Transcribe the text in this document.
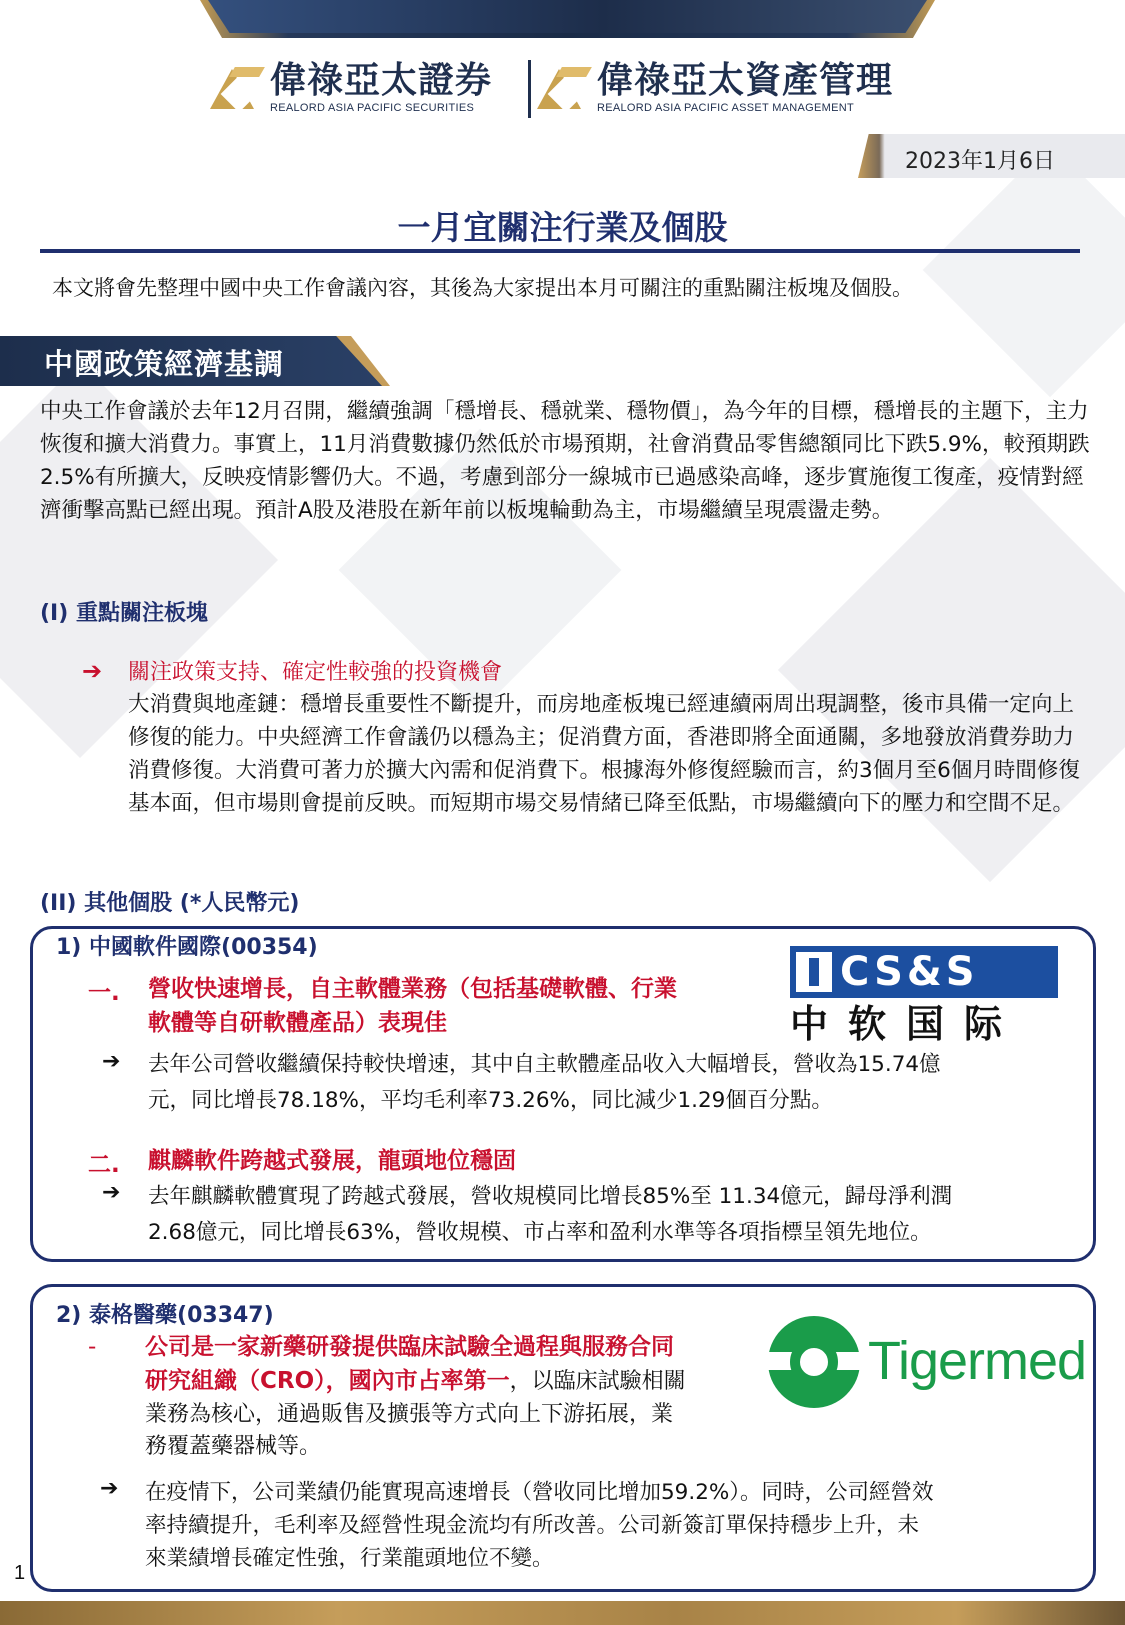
偉祿亞太證券
REALORD ASIA PACIFIC SECURITIES
偉祿亞太資產管理
REALORD ASIA PACIFIC ASSET MANAGEMENT
2023年1月6日
一月宜關注行業及個股
本文將會先整理中國中央工作會議內容，其後為大家提出本月可關注的重點關注板塊及個股。
中國政策經濟基調
中央工作會議於去年12月召開，繼續強調「穩增長、穩就業、穩物價」，為今年的目標，穩增長的主題下，主力恢復和擴大消費力。事實上，11月消費數據仍然低於市場預期，社會消費品零售總額同比下跌5.9%，較預期跌2.5%有所擴大，反映疫情影響仍大。不過，考慮到部分一線城市已過感染高峰，逐步實施復工復產，疫情對經濟衝擊高點已經出現。預計A股及港股在新年前以板塊輪動為主，市場繼續呈現震盪走勢。
(I) 重點關注板塊
➔ 關注政策支持、確定性較強的投資機會
大消費與地產鏈：穩增長重要性不斷提升，而房地產板塊已經連續兩周出現調整，後市具備一定向上修復的能力。中央經濟工作會議仍以穩為主；促消費方面，香港即將全面通關，多地發放消費券助力消費修復。大消費可著力於擴大內需和促消費下。根據海外修復經驗而言，約3個月至6個月時間修復基本面，但市場則會提前反映。而短期市場交易情緒已降至低點，市場繼續向下的壓力和空間不足。
(II) 其他個股 (*人民幣元)
1) 中國軟件國際(00354)
CS&S
中软国际
一. 營收快速增長，自主軟體業務（包括基礎軟體、行業
軟體等自研軟體產品）表現佳
➔ 去年公司營收繼續保持較快增速，其中自主軟體產品收入大幅增長，營收為15.74億
元，同比增長78.18%，平均毛利率73.26%，同比減少1.29個百分點。
二. 麒麟軟件跨越式發展，龍頭地位穩固
➔ 去年麒麟軟體實現了跨越式發展，營收規模同比增長85%至 11.34億元，歸母淨利潤
2.68億元，同比增長63%，營收規模、市占率和盈利水準等各項指標呈領先地位。
2) 泰格醫藥(03347)
Tigermed
- 公司是一家新藥研發提供臨床試驗全過程與服務合同
研究組織（CRO），國內市占率第一，以臨床試驗相關
業務為核心，通過販售及擴張等方式向上下游拓展，業
務覆蓋藥器械等。
➔ 在疫情下，公司業績仍能實現高速增長（營收同比增加59.2%）。同時，公司經營效
率持續提升，毛利率及經營性現金流均有所改善。公司新簽訂單保持穩步上升，未
來業績增長確定性強，行業龍頭地位不變。
1
